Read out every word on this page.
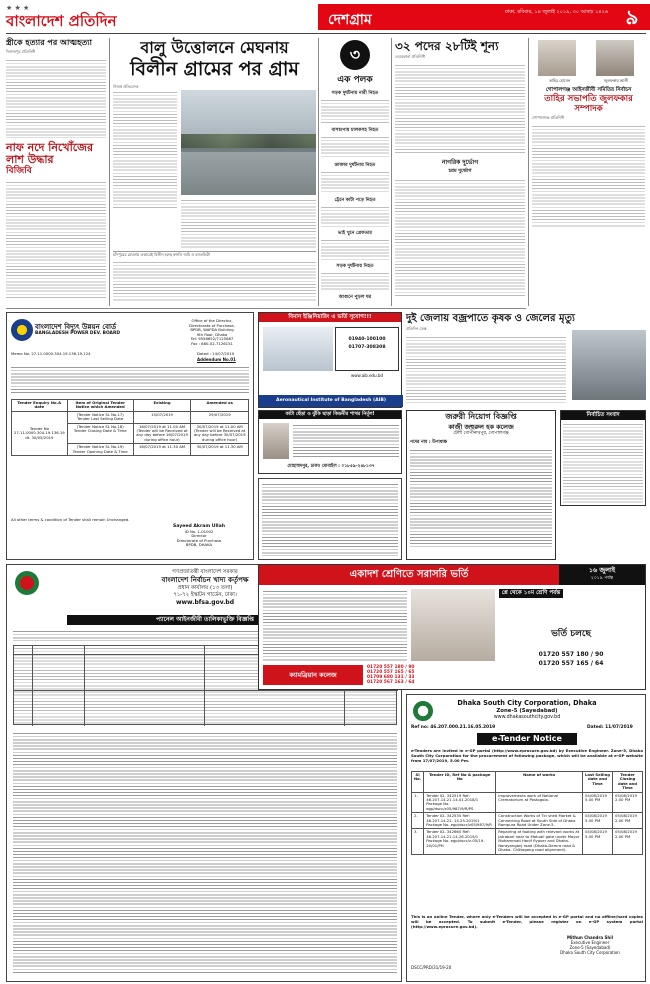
★ ★ ★
বাংলাদেশ প্রতিদিন	দেশগ্রাম	ঢাকা, রবিবার, ১৪ জুলাই ২০১৯, ৩০ আষাঢ় ১৪২৬ ৯
স্ত্রীকে হত্যার পর আত্মহত্যা
দিনাজপুর প্রতিনিধি
নাফ নদে নিখোঁজের লাশ উদ্ধার
বিজিবি
বালু উত্তোলনে মেঘনায়
বিলীন গ্রামের পর গ্রাম
নিজস্ব প্রতিবেদক
চাঁদপুরের মেঘনায় এভাবেই বিলীন হচ্ছে ফসলি জমি ও বসতভিটা
৩
এক পলক
সড়ক দুর্ঘটনায় নারী নিহত
বাসচাপায় চালকসহ নিহত
ডাক্তার দুর্ঘটনায় নিহত
ট্রেনে কাটা পড়ে নিহত
ভাই খুনে গ্রেফতার
সড়ক দুর্ঘটনায় নিহত
আগুনে পুড়ল ঘর
৩২ পদের ২৮টিই শূন্য
নেত্রকোনা প্রতিনিধি
নাগরিক দুর্ভোগ
চরম দুর্ভোগ
তাহির হোসেন	জুলফকার আলী
গোপালগঞ্জ আইনজীবী সমিতির নির্বাচন
তাহির সভাপতি জুলফকার সম্পাদক
গোপালগঞ্জ প্রতিনিধি
বাংলাদেশ বিদ্যুৎ উন্নয়ন বোর্ড
BANGLADESH POWER DEV. BOARD
Office of the Director,
Directorate of Purchase,
BPDB, WAPDA Building
9th floor, Dhaka
Tel: 9558652/7125887
Fax : 880-02-7126151
Memo No. 27.11.0000.304.19.136.19.124	Dated : 14/07/2019
Addendum No.01
Tender Enquiry No.& date	Item of Original Tender Notice which Amended	Existing	Amended as
Tender No 27.11.0000.304.19.136.19 dt. 30/05/2019	(Tender Notice SL No.17) Tender Last Selling Date	15/07/2019	29/07/2019
	(Tender Notice SL No.18) Tender Closing Date & Time	16/07/2019 at 11.00 AM (Tender will be Received at any day before 16/07/2019 during office hour)	30/07/2019 at 11.00 AM (Tender will be Received at any day before 30/07/2019 during office hour)
	(Tender Notice SL No.19) Tender Opening Date & Time	16/07/2019 at 11.30 AM	30/07/2019 at 11.30 AM
All other terms & condition of Tender shall remain Unchanged.
Sayeed Akram Ullah
ID No. 1-01002
Director
Directorate of Purchase
BPDB, DHAKA
বিমান ইঞ্জিনিয়ারিং এ ভর্তি সুযোগ!!!
01940-100100
01707-308308
www.aib.edu.bd
Aeronautical Institute of Bangladesh (AIB)
কাটা ছেঁড়া ও ঝুঁকি ছাড়া কিডনীর পাথর নির্মূল!
মোহাম্মদপুর, ঢাকা। মোবাইল : ০১৮৫৯-২৪৮১৩৭
দুই জেলায় বজ্রপাতে কৃষক ও জেলের মৃত্যু
প্রতিদিন ডেস্ক
নির্বাচিত সংবাদ
জরুরী নিয়োগ বিজ্ঞপ্তি
কাজী জহুরুল হক কলেজ
টেলী গোপীনাথপুর, গোপালগঞ্জ
পদের নাম : উপাধ্যক্ষ
গণপ্রজাতন্ত্রী বাংলাদেশ সরকার
বাংলাদেশ নির্বাচন খাদ্য কর্তৃপক্ষ
প্রধান কার্যালয় (১৩ তলা)
৭১-৭২ ইস্কাটন গার্ডেন, ঢাকা।
www.bfsa.gov.bd
প্যানেল আইনজীবী তালিকাভুক্তি বিজ্ঞপ্তি
একাদশ শ্রেণিতে সরাসরি ভর্তি	১৬ জুলাই
২০১৯ পর্যন্ত
প্লে থেকে ১০ম শ্রেণি পর্যন্ত
ভর্তি চলছে
01720 557 180 / 90
01720 557 165 / 64
ক্যামব্রিয়ান কলেজ
01720 557 180 / 90
01720 557 165 / 65
01709 680 131 / 33
01720 567 163 / 64
Dhaka South City Corporation, Dhaka
Zone-5 (Sayedabad)
www.dhakasouthcity.gov.bd
Ref no: 46.207.000.21.16.05.2019	Dated: 11/07/2019
e-Tender Notice
e-Tenders are invited in e-GP portal (http://www.eprocure.gov.bd) by Executive Engineer. Zone-5, Dhaka South City Corporation for the procurement of following package, which will be available at e-GP website from 17/07/2019, 5.00 Pm.
SI No.	Tender ID, Ref No & package No	Name of works	Last Selling date and Time	Tender Closing date and Time
1.	Tender ID- 342519 Ref: 46.207.14.21.14.01.2018/1 Package No. egp/dscc/z05/987/9/R/PS	Improvements work of National Crematorium at Postogola.	04/08/2019 5.00 PM	05/08/2019 2.00 PM
2.	Tender ID- 342530 Ref: 46.207.14.21. 14.25.2019/1 Package No. egp/dscc/z05/987/9/R	Construction Works of Tin shed Market & Connecting Road at South Side of Dhaka Rampura Road Under Zone-5.	04/08/2019 5.00 PM	05/08/2019 2.00 PM
3.	Tender ID- 342660 Ref: 46.207.14.21.14.26.2019/1 Package No. egp/dscc/z-05/19-20/01/PH	Repairing of footing with relevant works at Jatrabari near to Matuail gate under Mayor Mohammad Hanif flyover and Dhaka- Narayanganj road (Dhaka-Demra road & Dhaka- Chittagong road alignment).	04/08/2019 5.00 PM	05/08/2019 2.00 PM
This is an online Tender, where only e-Tenders will be accepted in e-GP portal and no offline/hard copies will be accepted. To submit e-Tender, please register on e-GP system portal (http://www.eprocure.gov.bd).
Mithun Chandra Shil
Executive Engineer
Zone-5 (Sayedabad)
Dhaka South City Corporation
DSCC/PRD/31/19-20
